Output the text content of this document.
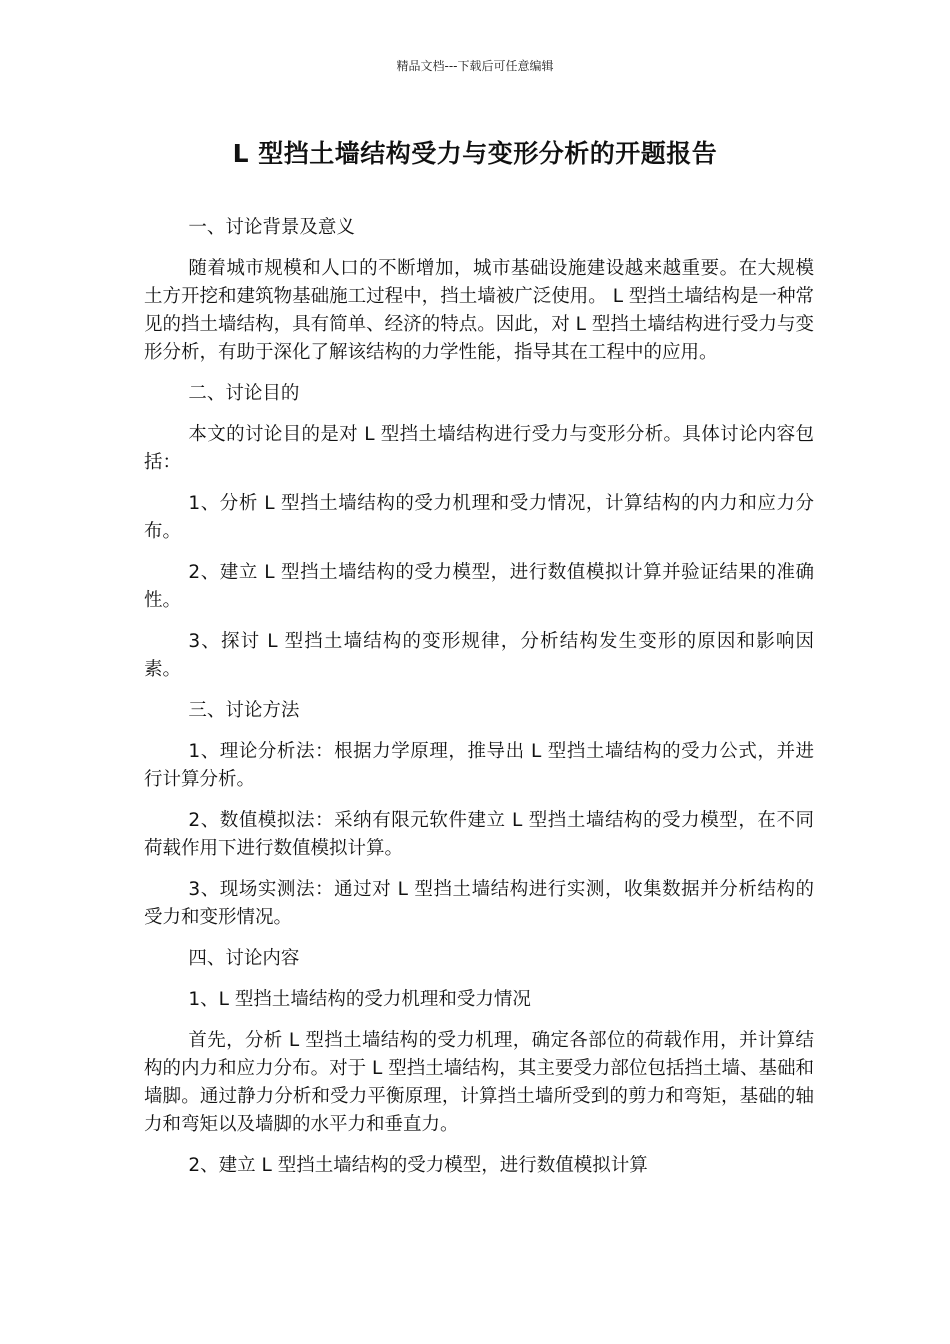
精品文档---下载后可任意编辑
L 型挡土墙结构受力与变形分析的开题报告

一、讨论背景及意义

随着城市规模和人口的不断增加，城市基础设施建设越来越重要。在大规模土方开挖和建筑物基础施工过程中，挡土墙被广泛使用。 L 型挡土墙结构是一种常见的挡土墙结构，具有简单、经济的特点。因此，对 L 型挡土墙结构进行受力与变形分析，有助于深化了解该结构的力学性能，指导其在工程中的应用。

二、讨论目的

本文的讨论目的是对 L 型挡土墙结构进行受力与变形分析。具体讨论内容包括：

1、分析 L 型挡土墙结构的受力机理和受力情况，计算结构的内力和应力分布。

2、建立 L 型挡土墙结构的受力模型，进行数值模拟计算并验证结果的准确性。

3、探讨 L 型挡土墙结构的变形规律，分析结构发生变形的原因和影响因素。

三、讨论方法

1、理论分析法：根据力学原理，推导出 L 型挡土墙结构的受力公式，并进行计算分析。

2、数值模拟法：采纳有限元软件建立 L 型挡土墙结构的受力模型，在不同荷载作用下进行数值模拟计算。

3、现场实测法：通过对 L 型挡土墙结构进行实测，收集数据并分析结构的受力和变形情况。

四、讨论内容

1、L 型挡土墙结构的受力机理和受力情况

首先，分析 L 型挡土墙结构的受力机理，确定各部位的荷载作用，并计算结构的内力和应力分布。对于 L 型挡土墙结构，其主要受力部位包括挡土墙、基础和墙脚。通过静力分析和受力平衡原理，计算挡土墙所受到的剪力和弯矩，基础的轴力和弯矩以及墙脚的水平力和垂直力。

2、建立 L 型挡土墙结构的受力模型，进行数值模拟计算
